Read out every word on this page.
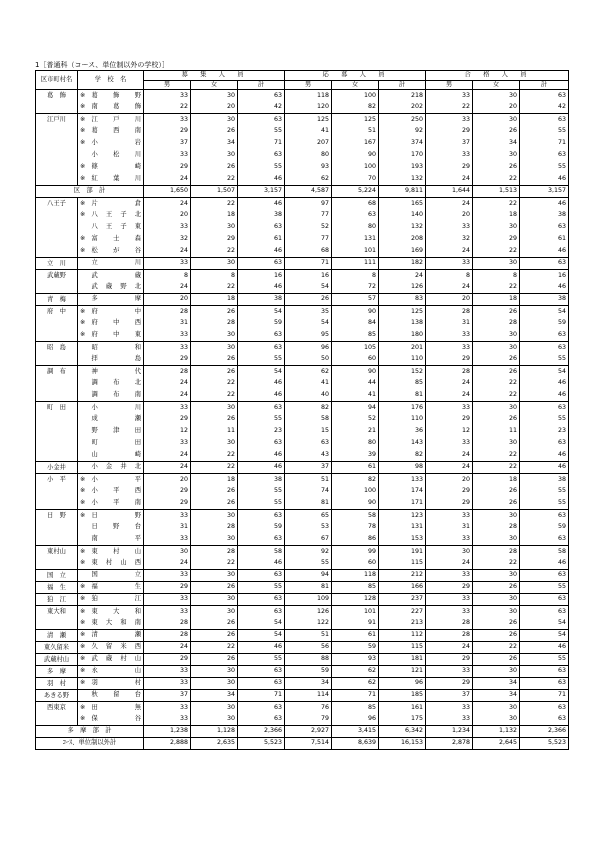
1［普通科（コース、単位制以外の学校）］
区市町村名	学　校　名		募　集　人　員			応　募　人　員			合　格　人　員		
			男	女	計	男	女	計	男	女	計
葛　飾	※	葛飾野	33	30	63	118	100	218	33	30	63
	※	南葛飾	22	20	42	120	82	202	22	20	42
江戸川	※	江戸川	33	30	63	125	125	250	33	30	63
	※	葛西南	29	26	55	41	51	92	29	26	55
	※	小岩	37	34	71	207	167	374	37	34	71
		小松川	33	30	63	80	90	170	33	30	63
	※	篠崎	29	26	55	93	100	193	29	26	55
	※	紅葉川	24	22	46	62	70	132	24	22	46
区　部　計			1,650	1,507	3,157	4,587	5,224	9,811	1,644	1,513	3,157
八王子	※	片倉	24	22	46	97	68	165	24	22	46
	※	八王子北	20	18	38	77	63	140	20	18	38
		八王子東	33	30	63	52	80	132	33	30	63
	※	富士森	32	29	61	77	131	208	32	29	61
	※	松が谷	24	22	46	68	101	169	24	22	46
立　川		立川	33	30	63	71	111	182	33	30	63
武蔵野		武蔵	8	8	16	16	8	24	8	8	16
		武蔵野北	24	22	46	54	72	126	24	22	46
青　梅		多摩	20	18	38	26	57	83	20	18	38
府　中	※	府中	28	26	54	35	90	125	28	26	54
	※	府中西	31	28	59	54	84	138	31	28	59
	※	府中東	33	30	63	95	85	180	33	30	63
昭　島		昭和	33	30	63	96	105	201	33	30	63
		拝島	29	26	55	50	60	110	29	26	55
調　布		神代	28	26	54	62	90	152	28	26	54
		調布北	24	22	46	41	44	85	24	22	46
		調布南	24	22	46	40	41	81	24	22	46
町　田		小川	33	30	63	82	94	176	33	30	63
		成瀬	29	26	55	58	52	110	29	26	55
		野津田	12	11	23	15	21	36	12	11	23
		町田	33	30	63	63	80	143	33	30	63
		山崎	24	22	46	43	39	82	24	22	46
小金井		小金井北	24	22	46	37	61	98	24	22	46
小　平	※	小平	20	18	38	51	82	133	20	18	38
	※	小平西	29	26	55	74	100	174	29	26	55
	※	小平南	29	26	55	81	90	171	29	26	55
日　野	※	日野	33	30	63	65	58	123	33	30	63
		日野台	31	28	59	53	78	131	31	28	59
		南平	33	30	63	67	86	153	33	30	63
東村山	※	東村山	30	28	58	92	99	191	30	28	58
	※	東村山西	24	22	46	55	60	115	24	22	46
国　立		国立	33	30	63	94	118	212	33	30	63
福　生	※	福生	29	26	55	81	85	166	29	26	55
狛　江	※	狛江	33	30	63	109	128	237	33	30	63
東大和	※	東大和	33	30	63	126	101	227	33	30	63
	※	東大和南	28	26	54	122	91	213	28	26	54
清　瀬	※	清瀬	28	26	54	51	61	112	28	26	54
東久留米	※	久留米西	24	22	46	56	59	115	24	22	46
武蔵村山	※	武蔵村山	29	26	55	88	93	181	29	26	55
多　摩	※	永山	33	30	63	59	62	121	33	30	63
羽　村	※	羽村	33	30	63	34	62	96	29	34	63
あきる野		秋留台	37	34	71	114	71	185	37	34	71
西東京	※	田無	33	30	63	76	85	161	33	30	63
	※	保谷	33	30	63	79	96	175	33	30	63
多　摩　部　計			1,238	1,128	2,366	2,927	3,415	6,342	1,234	1,132	2,366
ｺｰｽ、単位制以外計			2,888	2,635	5,523	7,514	8,639	16,153	2,878	2,645	5,523
